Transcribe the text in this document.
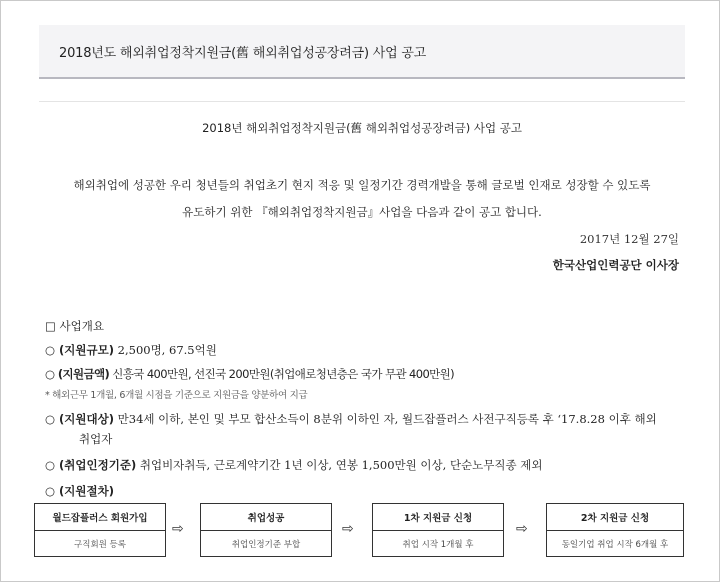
2018년도 해외취업정착지원금(舊 해외취업성공장려금) 사업 공고
2018년 해외취업정착지원금(舊 해외취업성공장려금) 사업 공고
해외취업에 성공한 우리 청년들의 취업초기 현지 적응 및 일정기간 경력개발을 통해 글로벌 인재로 성장할 수 있도록
유도하기 위한 『해외취업정착지원금』사업을 다음과 같이 공고 합니다.
2017년 12월 27일
한국산업인력공단 이사장
□ 사업개요
○ (지원규모) 2,500명, 67.5억원
○ (지원금액) 신흥국 400만원, 선진국 200만원(취업애로청년층은 국가 무관 400만원)
* 해외근무 1개월, 6개월 시점을 기준으로 지원금을 양분하여 지급
○ (지원대상) 만34세 이하, 본인 및 부모 합산소득이 8분위 이하인 자, 월드잡플러스 사전구직등록 후 ‘17.8.28 이후 해외
취업자
○ (취업인정기준) 취업비자취득, 근로계약기간 1년 이상, 연봉 1,500만원 이상, 단순노무직종 제외
○ (지원절차)
월드잡플러스 회원가입
구직회원 등록
⇨
취업성공
취업인정기준 부합
⇨
1차 지원금 신청
취업 시작 1개월 후
⇨
2차 지원금 신청
동일기업 취업 시작 6개월 후
